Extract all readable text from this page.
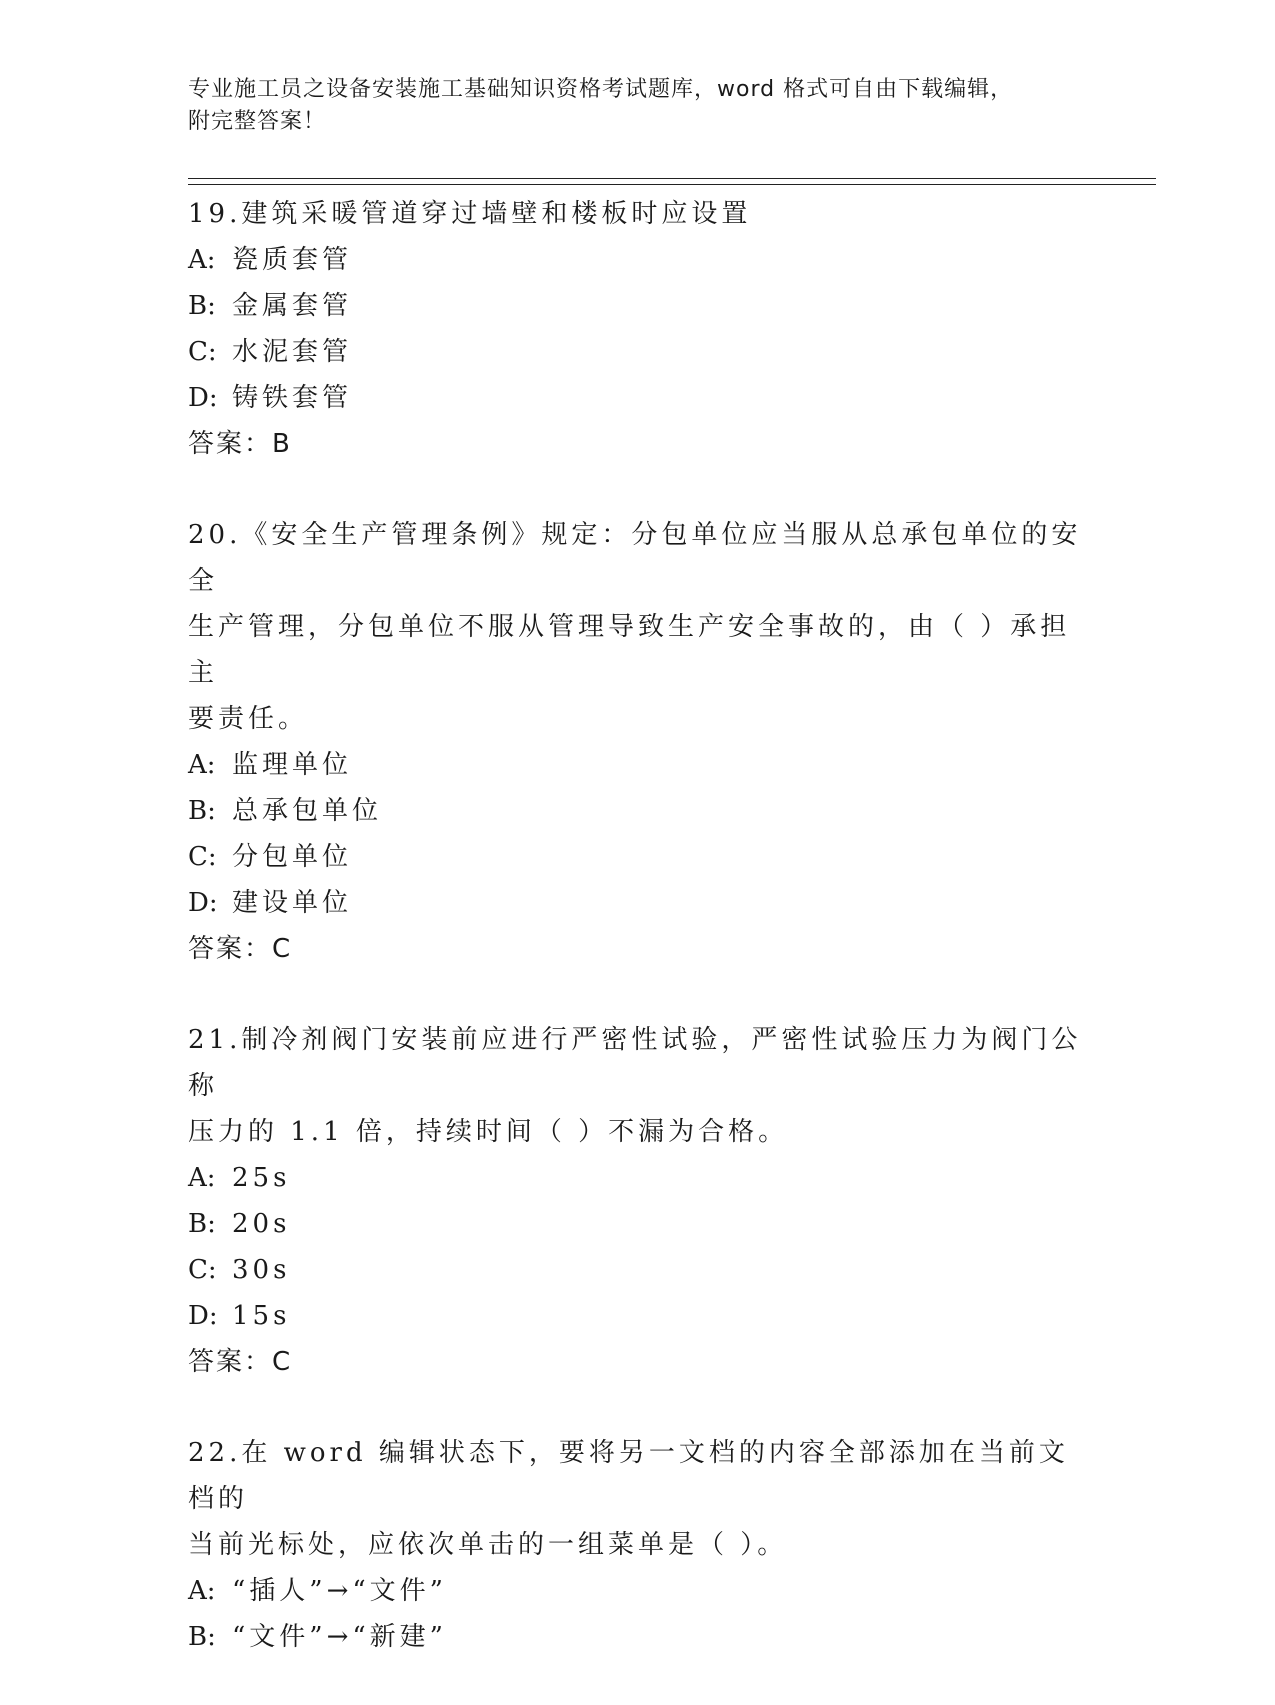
专业施工员之设备安装施工基础知识资格考试题库，word 格式可自由下载编辑，
附完整答案！
19.建筑采暖管道穿过墙壁和楼板时应设置
A: 瓷质套管
B: 金属套管
C: 水泥套管
D: 铸铁套管
答案：B
20.《安全生产管理条例》规定：分包单位应当服从总承包单位的安全
生产管理，分包单位不服从管理导致生产安全事故的，由（ ）承担主
要责任。
A: 监理单位
B: 总承包单位
C: 分包单位
D: 建设单位
答案：C
21.制冷剂阀门安装前应进行严密性试验，严密性试验压力为阀门公称
压力的 1.1 倍，持续时间（ ）不漏为合格。
A: 25s
B: 20s
C: 30s
D: 15s
答案：C
22.在 word 编辑状态下，要将另一文档的内容全部添加在当前文档的
当前光标处，应依次单击的一组菜单是（ ）。
A: “插人”→“文件”
B: “文件”→“新建”
